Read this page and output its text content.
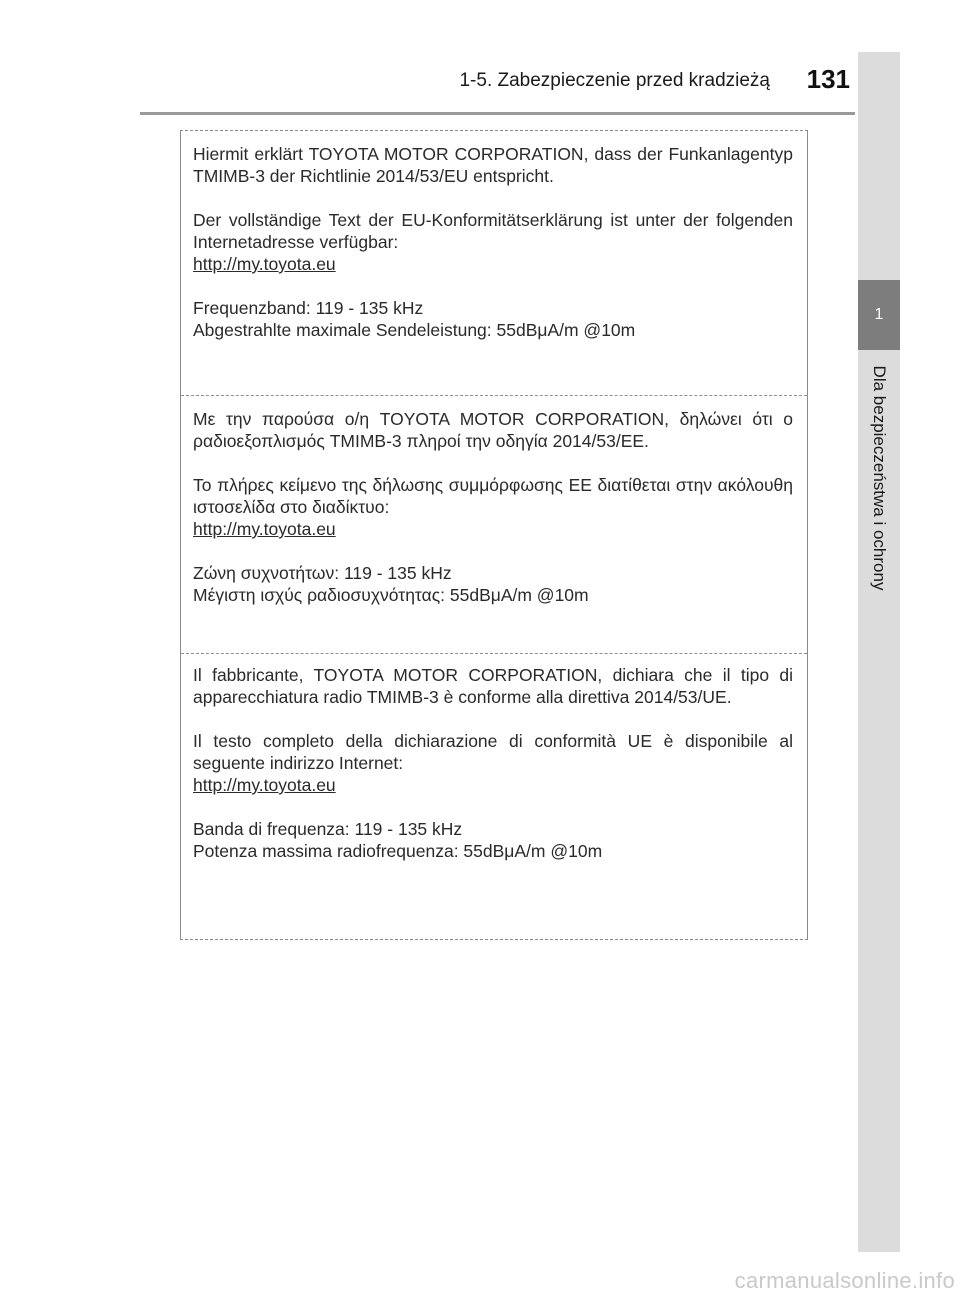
1-5. Zabezpieczenie przed kradzieżą	131
1
Dla bezpieczeństwa i ochrony

Hiermit erklärt TOYOTA MOTOR CORPORATION, dass der Funkanlagentyp TMIMB-3 der Richtlinie 2014/53/EU entspricht.

Der vollständige Text der EU-Konformitätserklärung ist unter der folgenden Internetadresse verfügbar:

http://my.toyota.eu
Frequenzband: 119 - 135 kHz
Abgestrahlte maximale Sendeleistung: 55dBμA/m @10m

Με την παρούσα ο/η TOYOTA MOTOR CORPORATION, δηλώνει ότι ο ραδιοεξοπλισμός TMIMB-3 πληροί την οδηγία 2014/53/ΕΕ.

Το πλήρες κείμενο της δήλωσης συμμόρφωσης ΕΕ διατίθεται στην ακόλουθη ιστοσελίδα στο διαδίκτυο:

http://my.toyota.eu
Ζώνη συχνοτήτων: 119 - 135 kHz
Μέγιστη ισχύς ραδιοσυχνότητας: 55dBμA/m @10m

Il fabbricante, TOYOTA MOTOR CORPORATION, dichiara che il tipo di apparecchiatura radio TMIMB-3 è conforme alla direttiva 2014/53/UE.

Il testo completo della dichiarazione di conformità UE è disponibile al seguente indirizzo Internet:

http://my.toyota.eu
Banda di frequenza: 119 - 135 kHz
Potenza massima radiofrequenza: 55dBμA/m @10m
carmanualsonline.info
